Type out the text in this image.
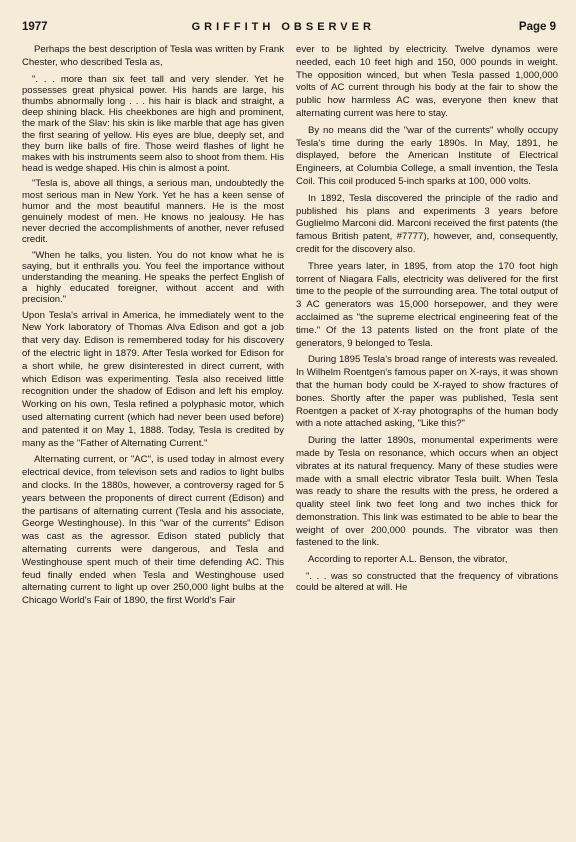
1977	GRIFFITH OBSERVER	Page 9

Perhaps the best description of Tesla was written by Frank Chester, who described Tesla as,

". . . more than six feet tall and very slender. Yet he possesses great physical power. His hands are large, his thumbs abnormally long . . . his hair is black and straight, a deep shining black. His cheekbones are high and prominent, the mark of the Slav: his skin is like marble that age has given the first searing of yellow. His eyes are blue, deeply set, and they burn like balls of fire. Those weird flashes of light he makes with his instruments seem also to shoot from them. His head is wedge shaped. His chin is almost a point.
"Tesla is, above all things, a serious man, undoubtedly the most serious man in New York. Yet he has a keen sense of humor and the most beautiful manners. He is the most genuinely modest of men. He knows no jealousy. He has never decried the accomplishments of another, never refused credit.
"When he talks, you listen. You do not know what he is saying, but it enthralls you. You feel the importance without understanding the meaning. He speaks the perfect English of a highly educated foreigner, without accent and with precision."

Upon Tesla's arrival in America, he immediately went to the New York laboratory of Thomas Alva Edison and got a job that very day. Edison is remembered today for his discovery of the electric light in 1879. After Tesla worked for Edison for a short while, he grew disinterested in direct current, with which Edison was experimenting. Tesla also received little recognition under the shadow of Edison and left his employ. Working on his own, Tesla refined a polyphasic motor, which used alternating current (which had never been used before) and patented it on May 1, 1888. Today, Tesla is credited by many as the "Father of Alternating Current."

Alternating current, or "AC", is used today in almost every electrical device, from televison sets and radios to light bulbs and clocks. In the 1880s, however, a controversy raged for 5 years between the proponents of direct current (Edison) and the partisans of alternating current (Tesla and his associate, George Westinghouse). In this "war of the currents" Edison was cast as the agressor. Edison stated publicly that alternating currents were dangerous, and Tesla and Westinghouse spent much of their time defending AC. This feud finally ended when Tesla and Westinghouse used alternating current to light up over 250,000 light bulbs at the Chicago World's Fair of 1890, the first World's Fair

ever to be lighted by electricity. Twelve dynamos were needed, each 10 feet high and 150, 000 pounds in weight. The opposition winced, but when Tesla passed 1,000,000 volts of AC current through his body at the fair to show the public how harmless AC was, everyone then knew that alternating current was here to stay.

By no means did the "war of the currents" wholly occupy Tesla's time during the early 1890s. In May, 1891, he displayed, before the American Institute of Electrical Engineers, at Columbia College, a small invention, the Tesla Coil. This coil produced 5-inch sparks at 100, 000 volts.

In 1892, Tesla discovered the principle of the radio and published his plans and experiments 3 years before Guglielmo Marconi did. Marconi received the first patents (the famous British patent, #7777), however, and, consequently, credit for the discovery also.

Three years later, in 1895, from atop the 170 foot high torrent of Niagara Falls, electricity was delivered for the first time to the people of the surrounding area. The total output of 3 AC generators was 15,000 horsepower, and they were acclaimed as "the supreme electrical engineering feat of the time." Of the 13 patents listed on the front plate of the generators, 9 belonged to Tesla.

During 1895 Tesla's broad range of interests was revealed. In Wilhelm Roentgen's famous paper on X-rays, it was shown that the human body could be X-rayed to show fractures of bones. Shortly after the paper was published, Tesla sent Roentgen a packet of X-ray photographs of the human body with a note attached asking, "Like this?"

During the latter 1890s, monumental experiments were made by Tesla on resonance, which occurs when an object vibrates at its natural frequency. Many of these studies were made with a small electric vibrator Tesla built. When Tesla was ready to share the results with the press, he ordered a quality steel link two feet long and two inches thick for demonstration. This link was estimated to be able to bear the weight of over 200,000 pounds. The vibrator was then fastened to the link.

According to reporter A.L. Benson, the vibrator,

". . . was so constructed that the frequency of vibrations could be altered at will. He
